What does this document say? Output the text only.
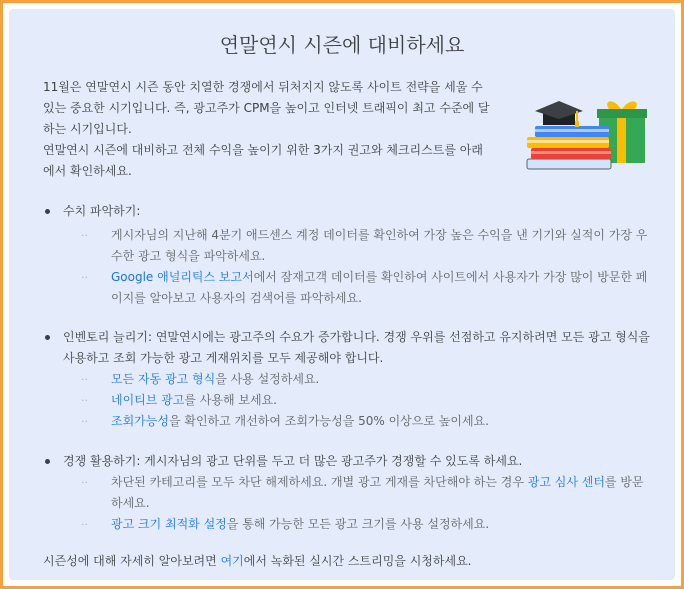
연말연시 시즌에 대비하세요

11월은 연말연시 시즌 동안 치열한 경쟁에서 뒤처지지 않도록 사이트 전략을 세울 수 있는 중요한 시기입니다. 즉, 광고주가 CPM을 높이고 인터넷 트래픽이 최고 수준에 달하는 시기입니다.

연말연시 시즌에 대비하고 전체 수익을 높이기 위한 3가지 권고와 체크리스트를 아래에서 확인하세요.

수치 파악하기:
·· 게시자님의 지난해 4분기 애드센스 계정 데이터를 확인하여 가장 높은 수익을 낸 기기와 실적이 가장 우수한 광고 형식을 파악하세요.
·· Google 애널리틱스 보고서에서 잠재고객 데이터를 확인하여 사이트에서 사용자가 가장 많이 방문한 페이지를 알아보고 사용자의 검색어를 파악하세요.
인벤토리 늘리기: 연말연시에는 광고주의 수요가 증가합니다. 경쟁 우위를 선점하고 유지하려면 모든 광고 형식을 사용하고 조회 가능한 광고 게재위치를 모두 제공해야 합니다.
·· 모든 자동 광고 형식을 사용 설정하세요.
·· 네이티브 광고를 사용해 보세요.
·· 조회가능성을 확인하고 개선하여 조회가능성을 50% 이상으로 높이세요.
경쟁 활용하기: 게시자님의 광고 단위를 두고 더 많은 광고주가 경쟁할 수 있도록 하세요.
·· 차단된 카테고리를 모두 차단 해제하세요. 개별 광고 게재를 차단해야 하는 경우 광고 심사 센터를 방문하세요.
·· 광고 크기 최적화 설정을 통해 가능한 모든 광고 크기를 사용 설정하세요.
시즌성에 대해 자세히 알아보려면 여기에서 녹화된 실시간 스트리밍을 시청하세요.
